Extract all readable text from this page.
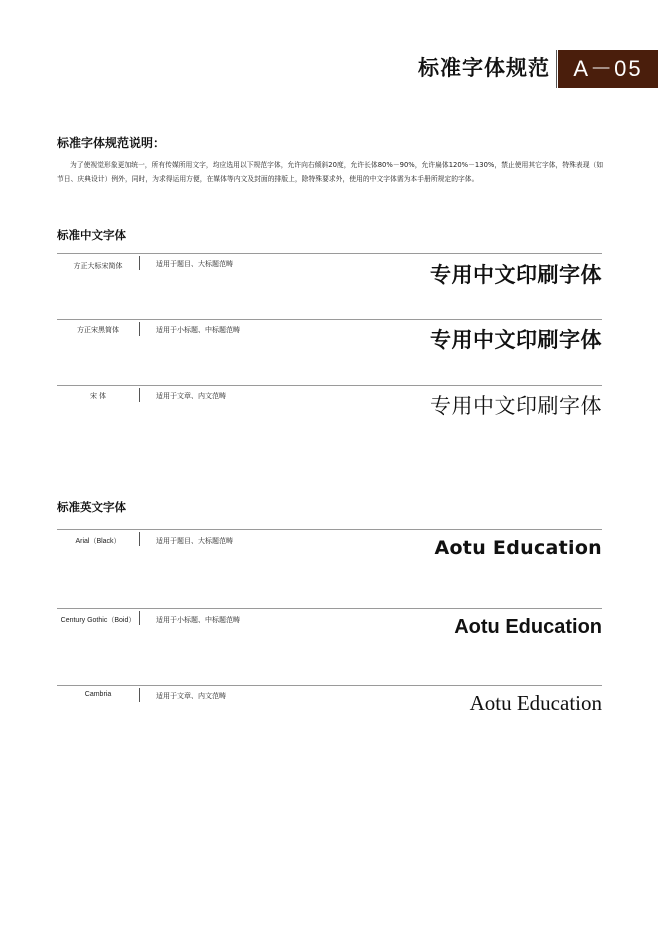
标准字体规范	A－05
标准字体规范说明：
为了使视觉形象更加统一，所有传媒所用文字，均应选用以下规范字体，允许向右倾斜20度，允许长体80%－90%，允许扁体120%－130%，禁止使用其它字体，特殊表现（如节日、庆典设计）例外，同时，为求得运用方便，在媒体等内文及封面的排版上，除特殊要求外，使用的中文字体需为本手册所规定的字体。
标准中文字体
方正大标宋简体	适用于题目、大标题范畴	专用中文印刷字体
方正宋黑简体	适用于小标题、中标题范畴	专用中文印刷字体
宋 体	适用于文章、内文范畴	专用中文印刷字体
标准英文字体
Arial（Black）	适用于题目、大标题范畴	Aotu Education
Century Gothic（Boid）	适用于小标题、中标题范畴	Aotu Education
Cambria	适用于文章、内文范畴	Aotu Education
